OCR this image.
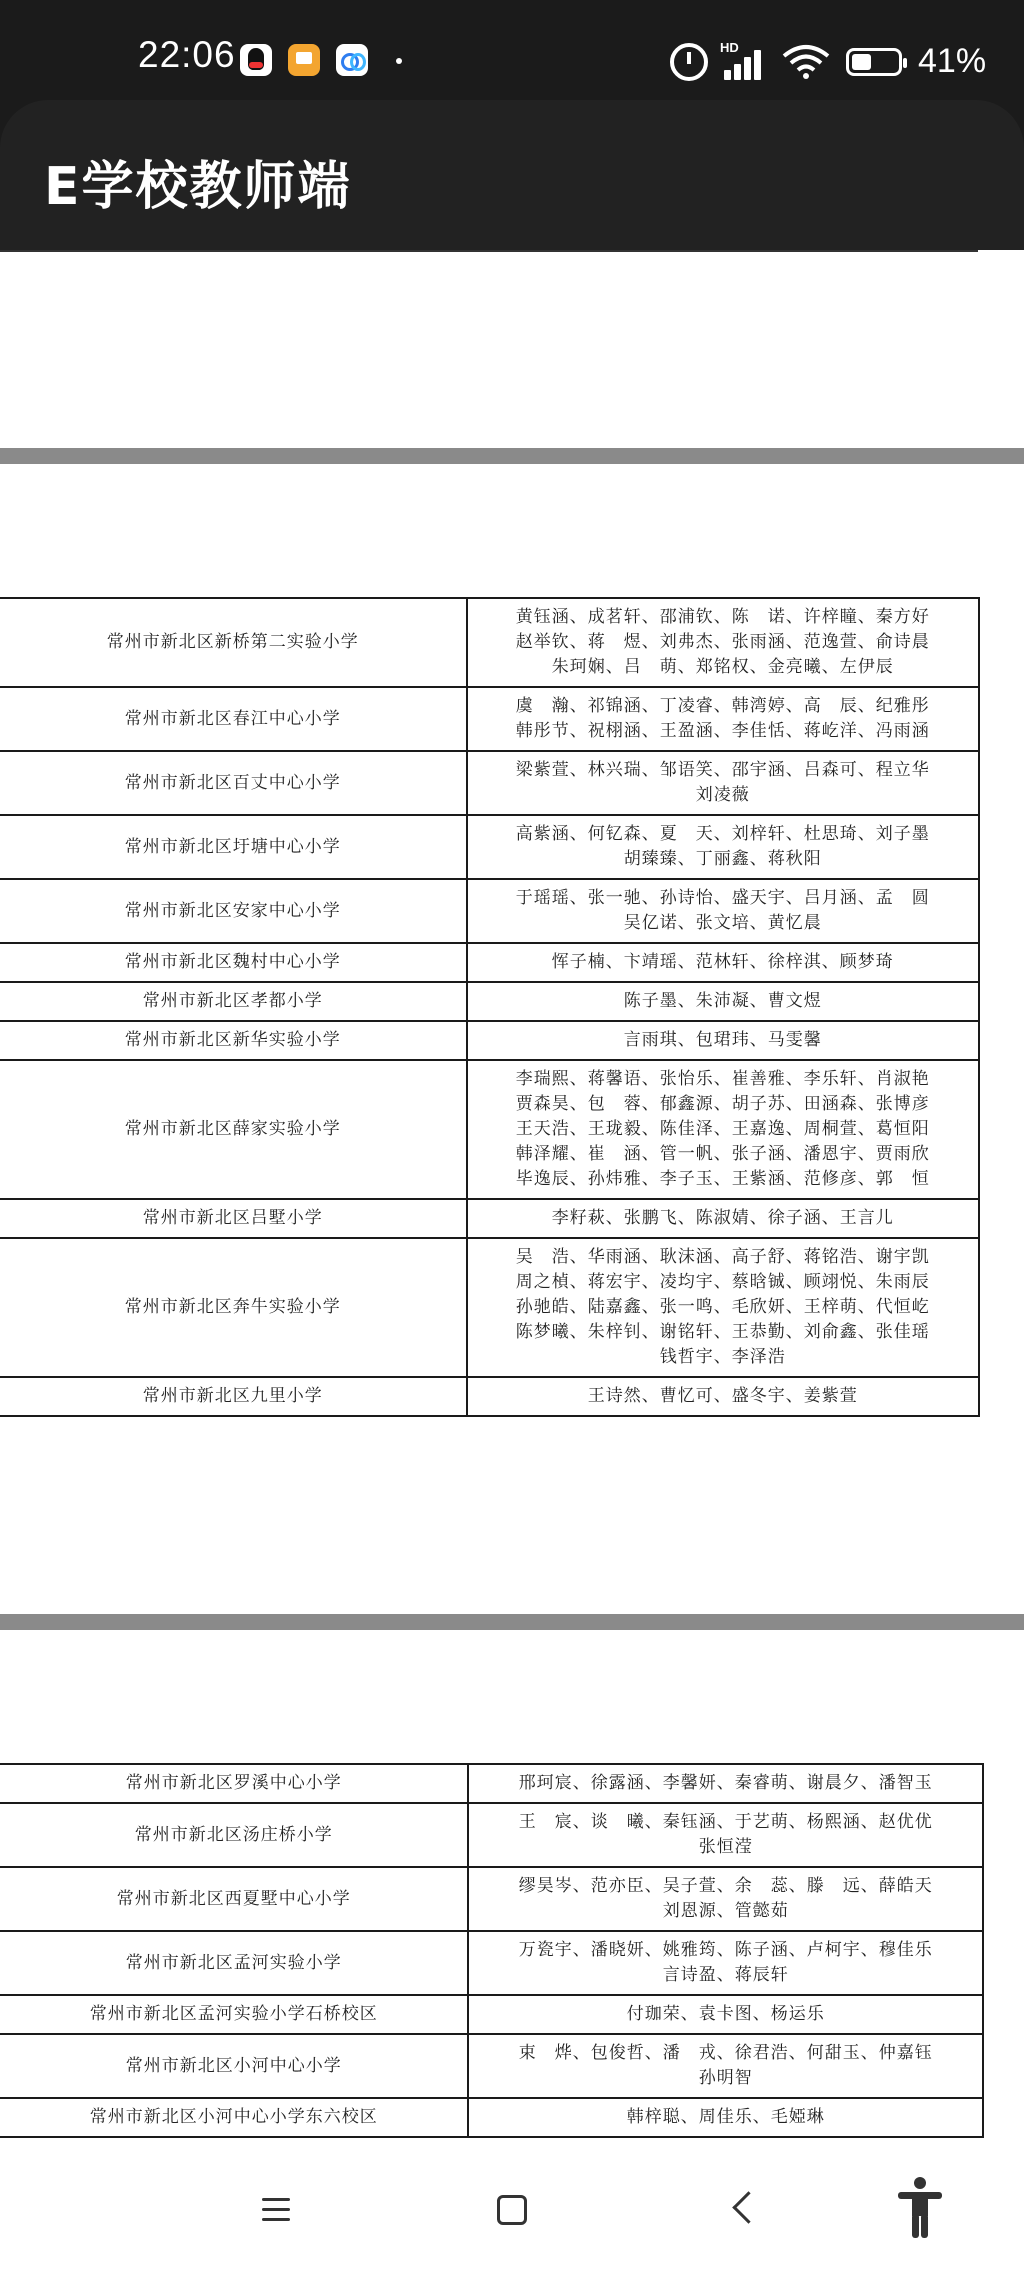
22:06	HD	41%
E学校教师端
常州市新北区新桥第二实验小学	黄钰涵、成茗轩、邵浦钦、陈　诺、许梓瞳、秦方好
赵举钦、蒋　煜、刘弗杰、张雨涵、范逸萱、俞诗晨
朱珂娴、吕　萌、郑铭权、金亮曦、左伊辰

常州市新北区春江中心小学	虞　瀚、祁锦涵、丁凌睿、韩湾婷、高　辰、纪雅彤
韩彤节、祝栩涵、王盈涵、李佳恬、蒋屹洋、冯雨涵

常州市新北区百丈中心小学	梁紫萱、林兴瑞、邹语笑、邵宇涵、吕森可、程立华
刘凌薇

常州市新北区圩塘中心小学	高紫涵、何钇森、夏　天、刘梓轩、杜思琦、刘子墨
胡臻臻、丁丽鑫、蒋秋阳

常州市新北区安家中心小学	于瑶瑶、张一驰、孙诗怡、盛天宇、吕月涵、孟　圆
吴亿诺、张文培、黄忆晨

常州市新北区魏村中心小学	恽子楠、卞靖瑶、范林轩、徐梓淇、顾梦琦

常州市新北区孝都小学	陈子墨、朱沛凝、曹文煜

常州市新北区新华实验小学	言雨琪、包珺玮、马雯馨

常州市新北区薛家实验小学	李瑞熙、蒋馨语、张怡乐、崔善雅、李乐轩、肖淑艳
贾森昊、包　蓉、郁鑫源、胡子苏、田涵森、张博彦
王天浩、王珑毅、陈佳泽、王嘉逸、周桐萱、葛恒阳
韩泽耀、崔　涵、管一帆、张子涵、潘恩宇、贾雨欣
毕逸辰、孙炜雅、李子玉、王紫涵、范修彦、郭　恒

常州市新北区吕墅小学	李籽萩、张鹏飞、陈淑婧、徐子涵、王言儿

常州市新北区奔牛实验小学	吴　浩、华雨涵、耿沫涵、高子舒、蒋铭浩、谢宇凯
周之楨、蒋宏宇、凌均宇、蔡晗铖、顾翊悦、朱雨辰
孙驰皓、陆嘉鑫、张一鸣、毛欣妍、王梓萌、代恒屹
陈梦曦、朱梓钊、谢铭轩、王恭勤、刘俞鑫、张佳瑶
钱哲宇、李泽浩

常州市新北区九里小学	王诗然、曹忆可、盛冬宇、姜紫萱
常州市新北区罗溪中心小学	邢珂宸、徐露涵、李馨妍、秦睿萌、谢晨夕、潘智玉

常州市新北区汤庄桥小学	王　宸、谈　曦、秦钰涵、于艺萌、杨熙涵、赵优优
张恒滢

常州市新北区西夏墅中心小学	缪昊岑、范亦臣、吴子萱、余　蕊、滕　远、薛皓天
刘恩源、管懿茹

常州市新北区孟河实验小学	万瓷宇、潘晓妍、姚雅筠、陈子涵、卢柯宇、穆佳乐
言诗盈、蒋辰轩

常州市新北区孟河实验小学石桥校区	付珈荣、袁卡图、杨运乐

常州市新北区小河中心小学	束　烨、包俊哲、潘　戎、徐君浩、何甜玉、仲嘉钰
孙明智

常州市新北区小河中心小学东六校区	韩梓聪、周佳乐、毛婭琳
